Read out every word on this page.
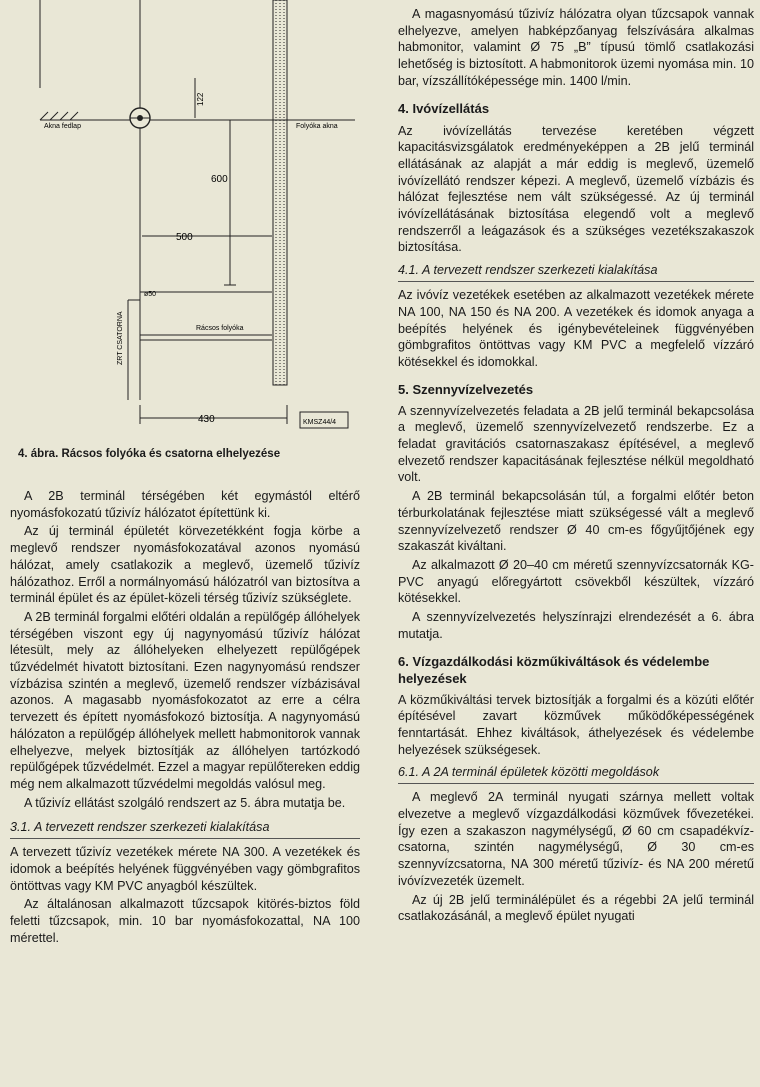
Akna fedlap	Folyóka akna
122
600
500
ø50
ZRT CSATORNA	Rácsos folyóka
430	KMSZ44/4
4. ábra. Rácsos folyóka és csatorna elhelyezése

A 2B terminál térségében két egymástól eltérő nyomásfokozatú tűzivíz hálózatot építettünk ki.

Az új terminál épületét körvezetékként fogja körbe a meglevő rendszer nyomásfokozatával azonos nyomású hálózat, amely csatlakozik a meglevő, üzemelő tűzivíz hálózathoz. Erről a normálnyomású hálózatról van biztosítva a terminál épület és az épület-közeli térség tűzivíz szükséglete.

A 2B terminál forgalmi előtéri oldalán a repülőgép állóhelyek térségében viszont egy új nagynyomású tűzivíz hálózat létesült, mely az állóhelyeken elhelyezett repülőgépek tűzvédelmét hivatott biztosítani. Ezen nagynyomású rendszer vízbázisa szintén a meglevő, üzemelő rendszer vízbázisával azonos. A magasabb nyomásfokozatot az erre a célra tervezett és épített nyomásfokozó biztosítja. A nagynyomású hálózaton a repülőgép állóhelyek mellett habmonitorok vannak elhelyezve, melyek biztosítják az állóhelyen tartózkodó repülőgépek tűzvédelmét. Ezzel a magyar repülőtereken eddig még nem alkalmazott tűzvédelmi megoldás valósul meg.

A tűzivíz ellátást szolgáló rendszert az 5. ábra mutatja be.

3.1. A tervezett rendszer szerkezeti kialakítása

A tervezett tűzivíz vezetékek mérete NA 300. A vezetékek és idomok a beépítés helyének függvényében vagy gömbgrafitos öntöttvas vagy KM PVC anyagból készültek.

Az általánosan alkalmazott tűzcsapok kitörés-biztos föld feletti tűzcsapok, min. 10 bar nyomásfokozattal, NA 100 mérettel.

A magasnyomású tűzivíz hálózatra olyan tűzcsapok vannak elhelyezve, amelyen habképzőanyag felszívására alkalmas habmonitor, valamint Ø 75 „B” típusú tömlő csatlakozási lehetőség is biztosított. A habmonitorok üzemi nyomása min. 10 bar, vízszállítóképessége min. 1400 l/min.

4. Ivóvízellátás

Az ivóvízellátás tervezése keretében végzett kapacitásvizsgálatok eredményeképpen a 2B jelű terminál ellátásának az alapját a már eddig is meglevő, üzemelő ivóvízellátó rendszer képezi. A meglevő, üzemelő vízbázis és hálózat fejlesztése nem vált szükségessé. Az új terminál ivóvízellátásának biztosítása elegendő volt a meglevő rendszerről a leágazások és a szükséges vezetékszakaszok biztosítása.

4.1. A tervezett rendszer szerkezeti kialakítása

Az ivóvíz vezetékek esetében az alkalmazott vezetékek mérete NA 100, NA 150 és NA 200. A vezetékek és idomok anyaga a beépítés helyének és igénybevételeinek függvényében gömbgrafitos öntöttvas vagy KM PVC a megfelelő vízzáró kötésekkel és idomokkal.

5. Szennyvízelvezetés

A szennyvízelvezetés feladata a 2B jelű terminál bekapcsolása a meglevő, üzemelő szennyvízelvezető rendszerbe. Ez a feladat gravitációs csatornaszakasz építésével, a meglevő elvezető rendszer kapacitásának fejlesztése nélkül megoldható volt.

A 2B terminál bekapcsolásán túl, a forgalmi előtér beton térburkolatának fejlesztése miatt szükségessé vált a meglevő szennyvízelvezető rendszer Ø 40 cm-es főgyűjtőjének egy szakaszát kiváltani.

Az alkalmazott Ø 20–40 cm méretű szennyvízcsatornák KG-PVC anyagú előregyártott csövekből készültek, vízzáró kötésekkel.

A szennyvízelvezetés helyszínrajzi elrendezését a 6. ábra mutatja.

6. Vízgazdálkodási közműkiváltások és védelembe helyezések

A közműkiváltási tervek biztosítják a forgalmi és a közúti előtér építésével zavart közművek működőképességének fenntartását. Ehhez kiváltások, áthelyezések és védelembe helyezések szükségesek.

6.1. A 2A terminál épületek közötti megoldások

A meglevő 2A terminál nyugati szárnya mellett voltak elvezetve a meglevő vízgazdálkodási közművek fővezetékei. Így ezen a szakaszon nagymélységű, Ø 60 cm csapadékvíz-csatorna, szintén nagymélységű, Ø 30 cm-es szennyvízcsatorna, NA 300 méretű tűzivíz- és NA 200 méretű ivóvízvezeték üzemelt.

Az új 2B jelű terminálépület és a régebbi 2A jelű terminál csatlakozásánál, a meglevő épület nyugati
